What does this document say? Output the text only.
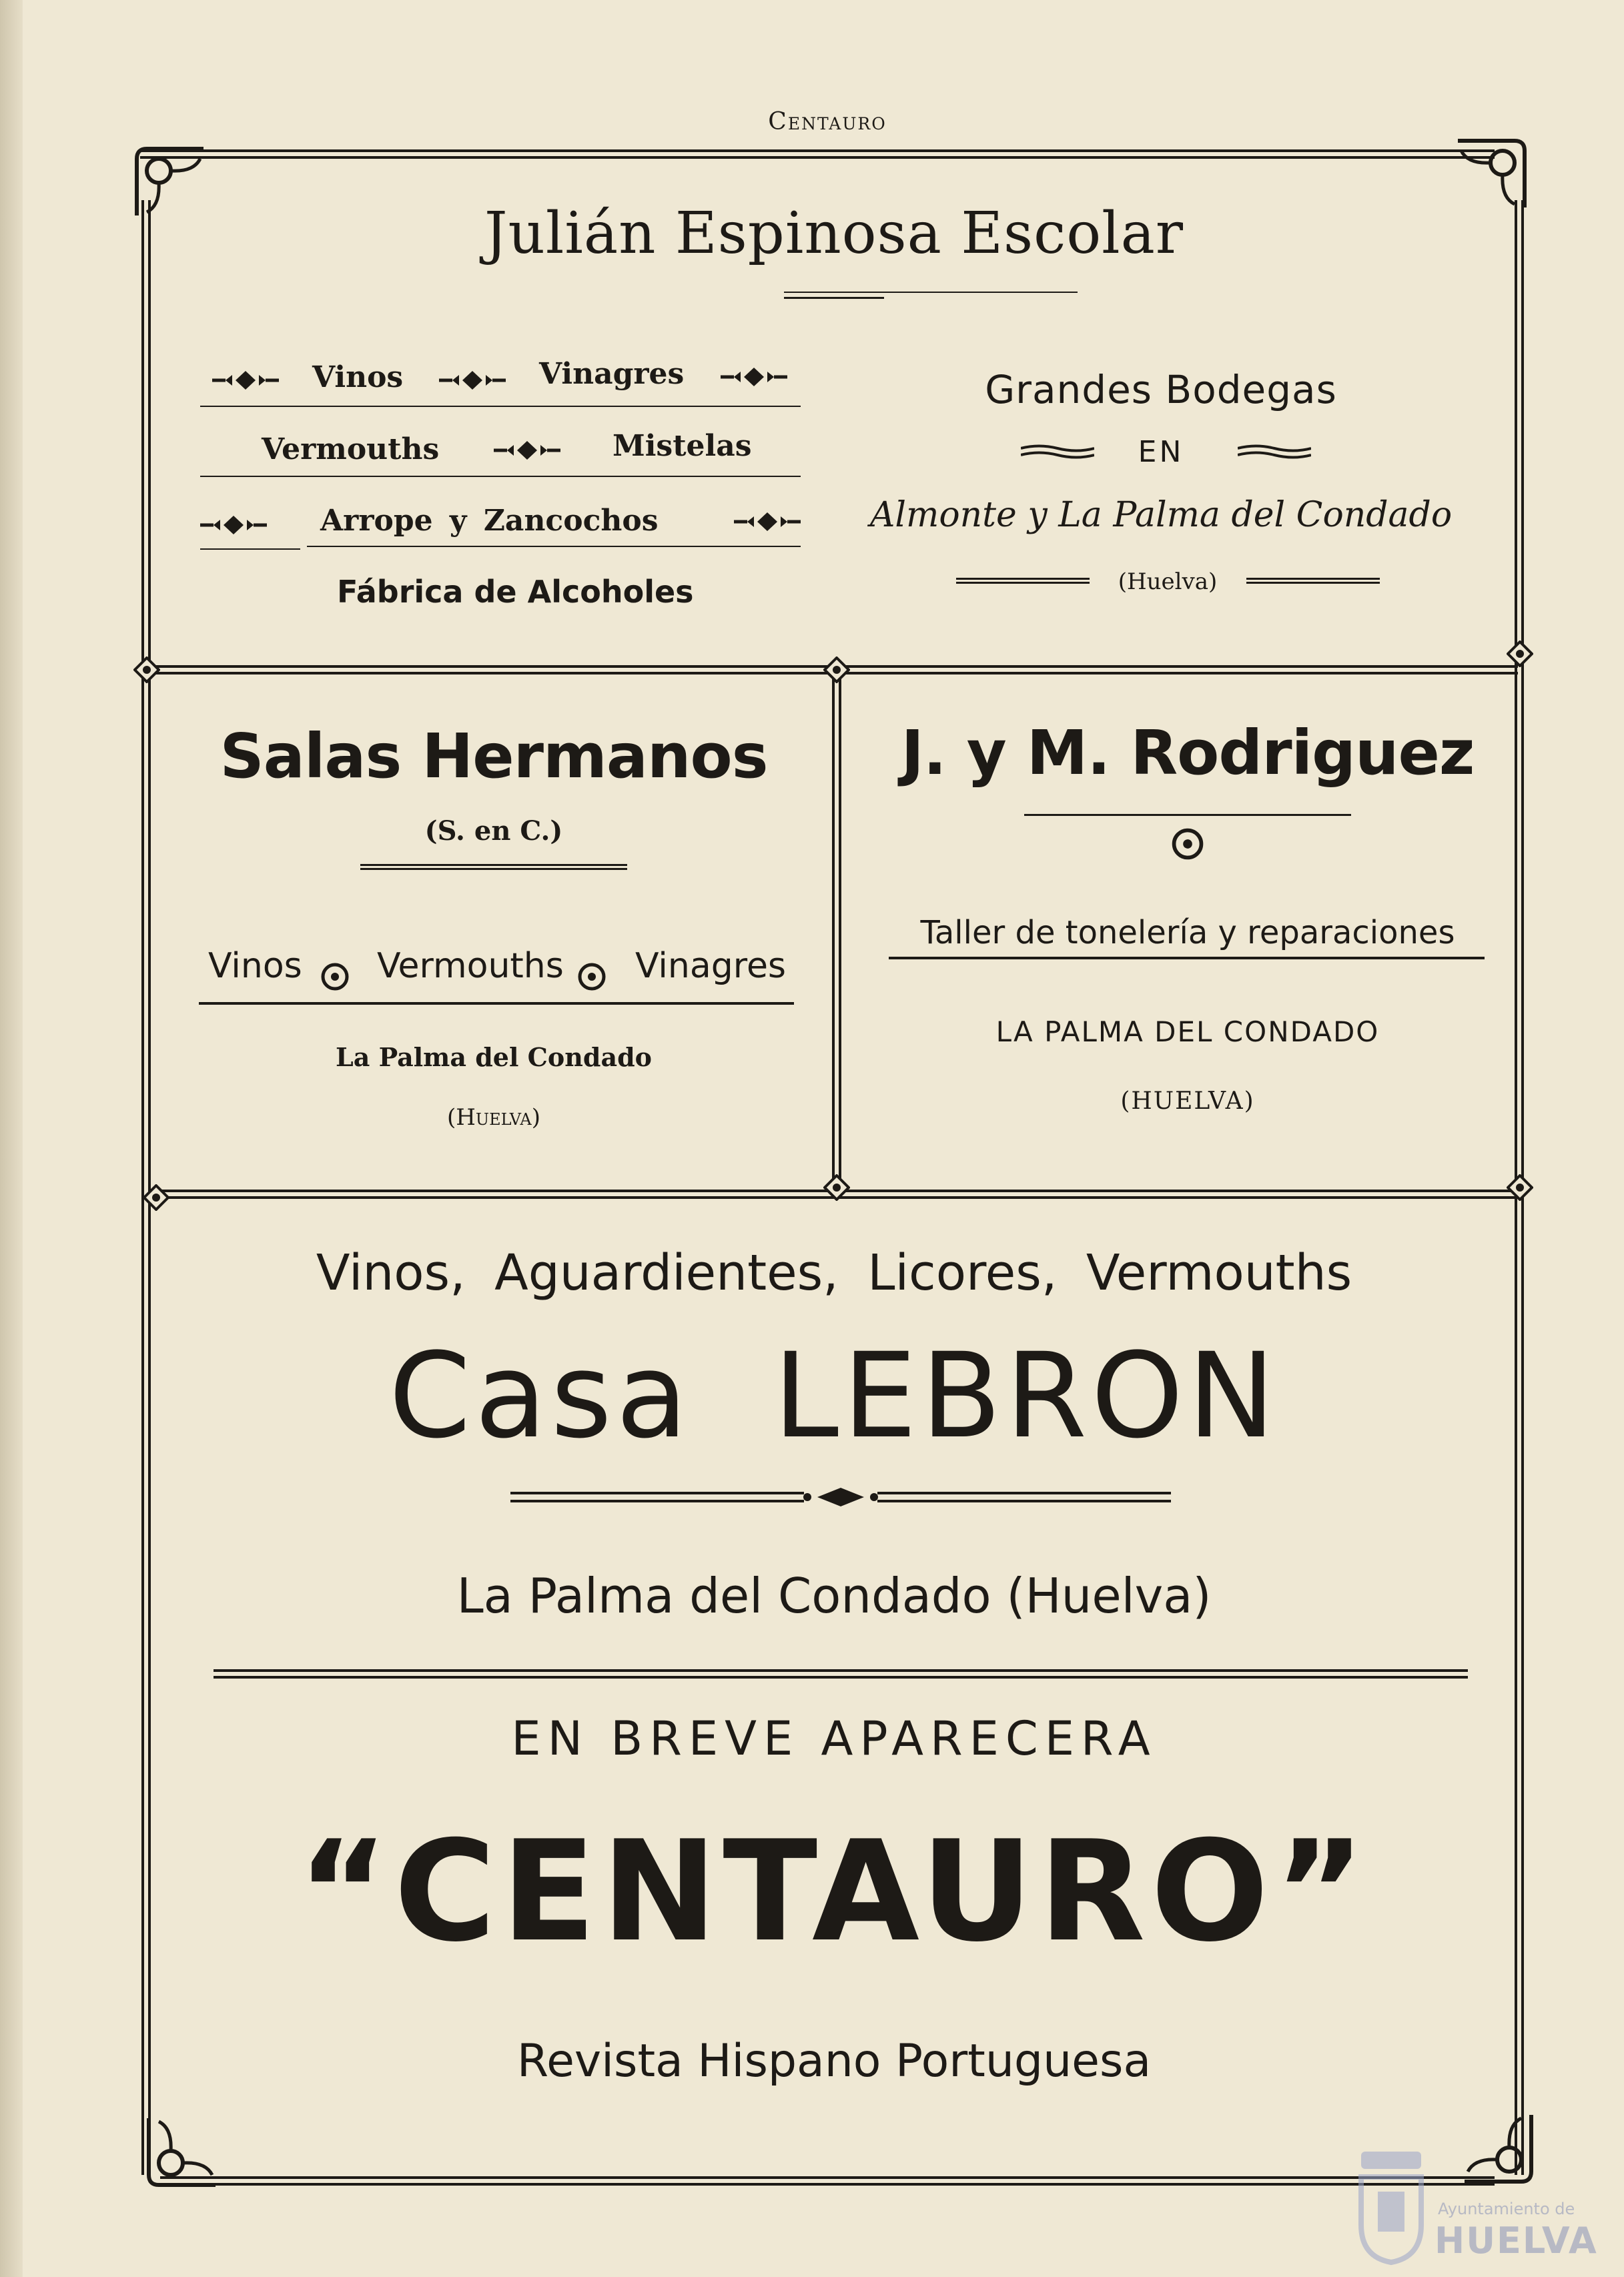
Centauro
Julián Espinosa Escolar
Vinos	Vinagres
Vermouths	Mistelas
Arrope y Zancochos
Fábrica de Alcoholes
Grandes Bodegas
EN
Almonte y La Palma del Condado
(Huelva)
Salas Hermanos
(S. en C.)
Vinos Vermouths Vinagres
La Palma del Condado
(Huelva)
J. y M. Rodriguez
Taller de tonelería y reparaciones
LA PALMA DEL CONDADO
(HUELVA)
Vinos, Aguardientes, Licores, Vermouths
Casa LEBRON
La Palma del Condado (Huelva)
EN BREVE APARECERA
“CENTAURO”
Revista Hispano Portuguesa
Ayuntamiento de
HUELVA
